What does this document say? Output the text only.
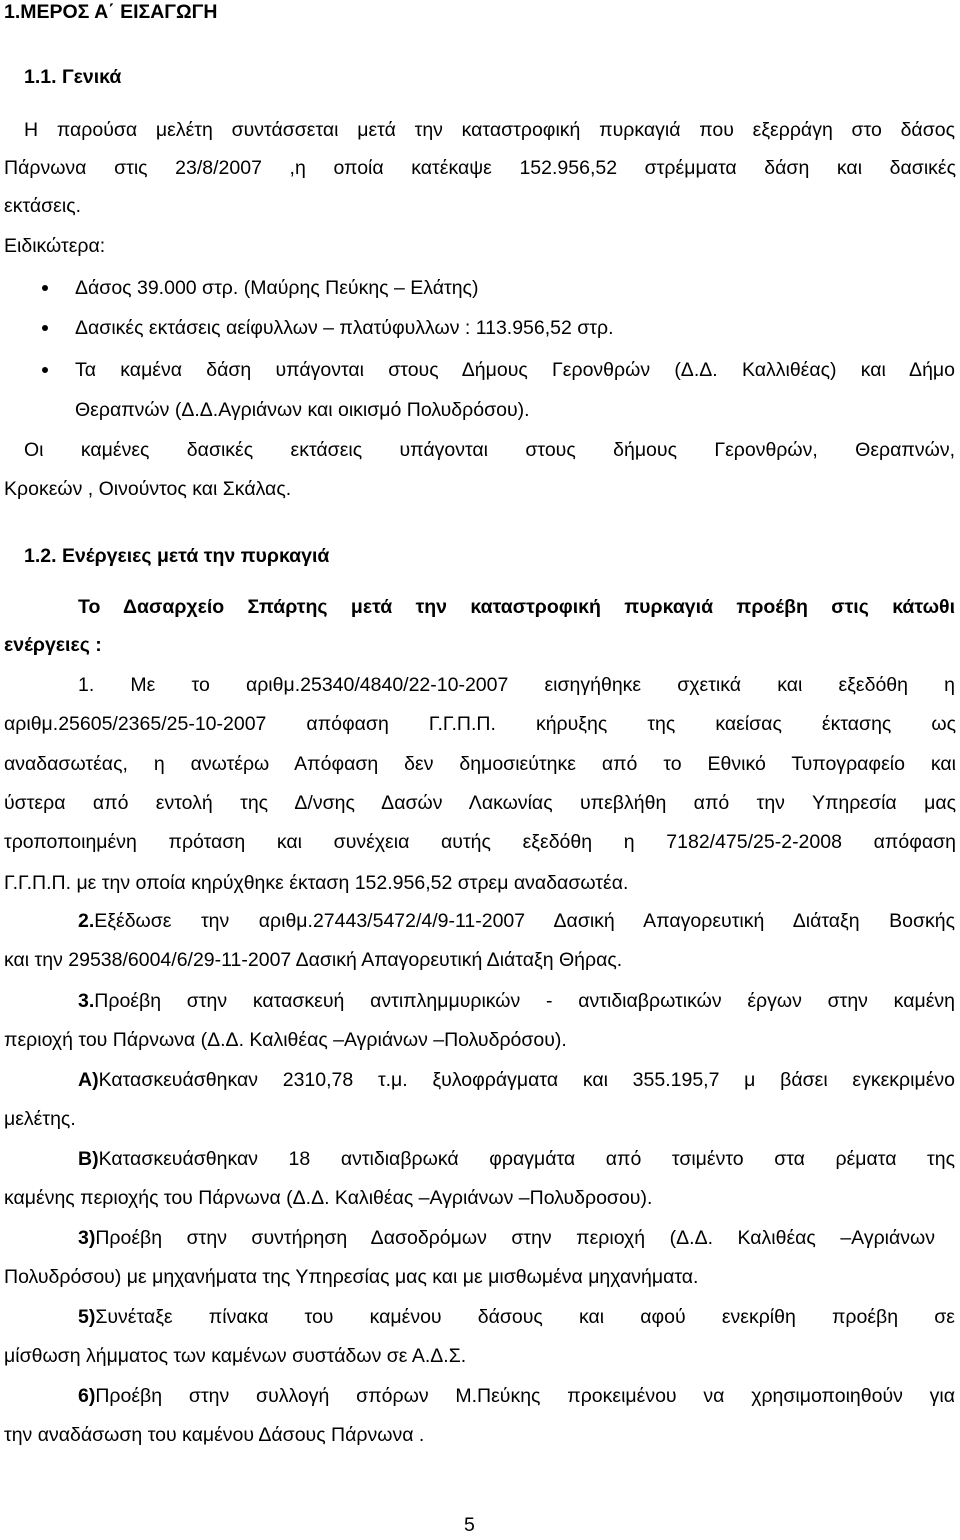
1.ΜΕΡΟΣ Α΄ ΕΙΣΑΓΩΓΗ
1.1. Γενικά
Η παρούσα μελέτη συντάσσεται μετά την καταστροφική πυρκαγιά που εξερράγη στο δάσος
Πάρνωνα στις 23/8/2007 ,η οποία κατέκαψε 152.956,52 στρέμματα δάση και δασικές
εκτάσεις.
Ειδικώτερα:
Δάσος 39.000 στρ. (Μαύρης Πεύκης – Ελάτης)
Δασικές εκτάσεις αείφυλλων – πλατύφυλλων : 113.956,52 στρ.
Τα καμένα δάση υπάγονται στους Δήμους Γερονθρών (Δ.Δ. Καλλιθέας) και Δήμο
Θεραπνών (Δ.Δ.Αγριάνων και οικισμό Πολυδρόσου).
Οι καμένες δασικές εκτάσεις υπάγονται στους δήμους Γερονθρών, Θεραπνών,
Κροκεών , Οινούντος και Σκάλας.
1.2. Ενέργειες μετά την πυρκαγιά
Το Δασαρχείο Σπάρτης μετά την καταστροφική πυρκαγιά προέβη στις κάτωθι
ενέργειες :
1. Με το αριθμ.25340/4840/22-10-2007 εισηγήθηκε σχετικά και εξεδόθη η
αριθμ.25605/2365/25-10-2007 απόφαση Γ.Γ.Π.Π. κήρυξης της καείσας έκτασης ως
αναδασωτέας, η ανωτέρω Απόφαση δεν δημοσιεύτηκε από το Εθνικό Τυπογραφείο και
ύστερα από εντολή της Δ/νσης Δασών Λακωνίας υπεβλήθη από την Υπηρεσία μας
τροποποιημένη πρόταση και συνέχεια αυτής εξεδόθη η 7182/475/25-2-2008 απόφαση
Γ.Γ.Π.Π. με την οποία κηρύχθηκε έκταση 152.956,52 στρεμ αναδασωτέα.
2.Εξέδωσε την αριθμ.27443/5472/4/9-11-2007 Δασική Απαγορευτική Διάταξη Βοσκής
και την 29538/6004/6/29-11-2007 Δασική Απαγορευτική Διάταξη Θήρας.
3.Προέβη στην κατασκευή αντιπλημμυρικών - αντιδιαβρωτικών έργων στην καμένη
περιοχή του Πάρνωνα (Δ.Δ. Καλιθέας –Αγριάνων –Πολυδρόσου).
Α)Κατασκευάσθηκαν 2310,78 τ.μ. ξυλοφράγματα και 355.195,7 μ βάσει εγκεκριμένο
μελέτης.
Β)Κατασκευάσθηκαν 18 αντιδιαβρωκά φραγμάτα από τσιμέντο στα ρέματα της
καμένης περιοχής του Πάρνωνα (Δ.Δ. Καλιθέας –Αγριάνων –Πολυδροσου).
3)Προέβη στην συντήρηση Δασοδρόμων στην περιοχή (Δ.Δ. Καλιθέας –Αγριάνων
Πολυδρόσου) με μηχανήματα της Υπηρεσίας μας και με μισθωμένα μηχανήματα.
5)Συνέταξε πίνακα του καμένου δάσους και αφού ενεκρίθη προέβη σε
μίσθωση λήμματος των καμένων συστάδων σε Α.Δ.Σ.
6)Προέβη στην συλλογή σπόρων Μ.Πεύκης προκειμένου να χρησιμοποιηθούν για
την αναδάσωση του καμένου Δάσους Πάρνωνα .
5
